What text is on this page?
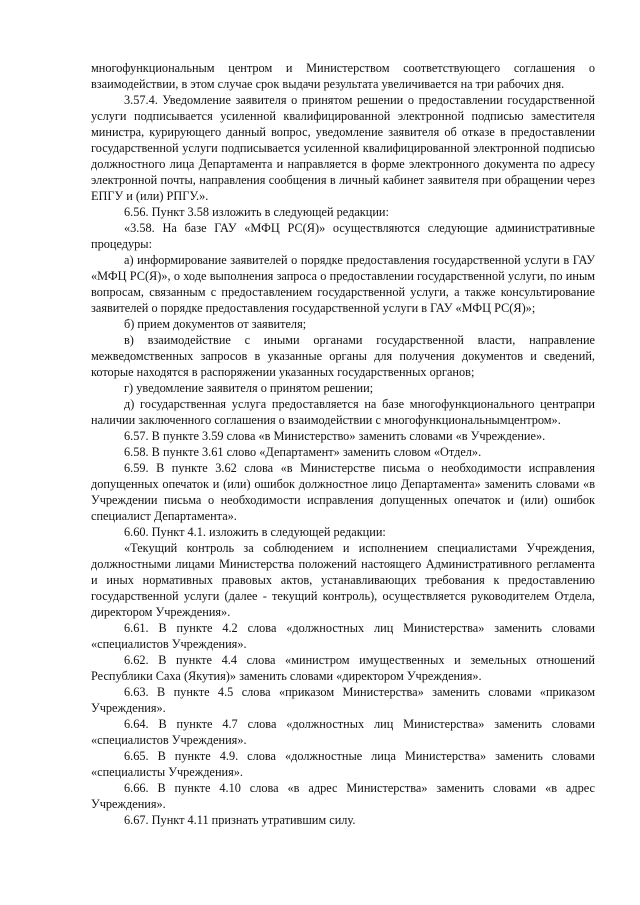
многофункциональным центром и Министерством соответствующего соглашения о взаимодействии, в этом случае срок выдачи результата увеличивается на три рабочих дня.

3.57.4. Уведомление заявителя о принятом решении о предоставлении государственной услуги подписывается усиленной квалифицированной электронной подписью заместителя министра, курирующего данный вопрос, уведомление заявителя об отказе в предоставлении государственной услуги подписывается усиленной квалифицированной электронной подписью должностного лица Департамента и направляется в форме электронного документа по адресу электронной почты, направления сообщения в личный кабинет заявителя при обращении через ЕПГУ и (или) РПГУ.».

6.56. Пункт 3.58 изложить в следующей редакции:

«3.58. На базе ГАУ «МФЦ РС(Я)» осуществляются следующие административные процедуры:

а) информирование заявителей о порядке предоставления государственной услуги в ГАУ «МФЦ РС(Я)», о ходе выполнения запроса о предоставлении государственной услуги, по иным вопросам, связанным с предоставлением государственной услуги, а также консультирование заявителей о порядке предоставления государственной услуги в ГАУ «МФЦ РС(Я)»;

б) прием документов от заявителя;

в) взаимодействие с иными органами государственной власти, направление межведомственных запросов в указанные органы для получения документов и сведений, которые находятся в распоряжении указанных государственных органов;

г) уведомление заявителя о принятом решении;

д) государственная услуга предоставляется на базе многофункционального центрапри наличии заключенного соглашения о взаимодействии с многофункциональнымцентром».

6.57. В пункте 3.59 слова «в Министерство» заменить словами «в Учреждение».

6.58. В пункте 3.61 слово «Департамент» заменить словом «Отдел».

6.59. В пункте 3.62 слова «в Министерстве письма о необходимости исправления допущенных опечаток и (или) ошибок должностное лицо Департамента» заменить словами «в Учреждении письма о необходимости исправления допущенных опечаток и (или) ошибок специалист Департамента».

6.60. Пункт 4.1. изложить в следующей редакции:

«Текущий контроль за соблюдением и исполнением специалистами Учреждения, должностными лицами Министерства положений настоящего Административного регламента и иных нормативных правовых актов, устанавливающих требования к предоставлению государственной услуги (далее - текущий контроль), осуществляется руководителем Отдела, директором Учреждения».

6.61. В пункте 4.2 слова «должностных лиц Министерства» заменить словами «специалистов Учреждения».

6.62. В пункте 4.4 слова «министром имущественных и земельных отношений Республики Саха (Якутия)» заменить словами «директором Учреждения».

6.63. В пункте 4.5 слова «приказом Министерства» заменить словами «приказом Учреждения».

6.64. В пункте 4.7 слова «должностных лиц Министерства» заменить словами «специалистов Учреждения».

6.65. В пункте 4.9. слова «должностные лица Министерства» заменить словами «специалисты Учреждения».

6.66. В пункте 4.10 слова «в адрес Министерства» заменить словами «в адрес Учреждения».

6.67. Пункт 4.11 признать утратившим силу.
